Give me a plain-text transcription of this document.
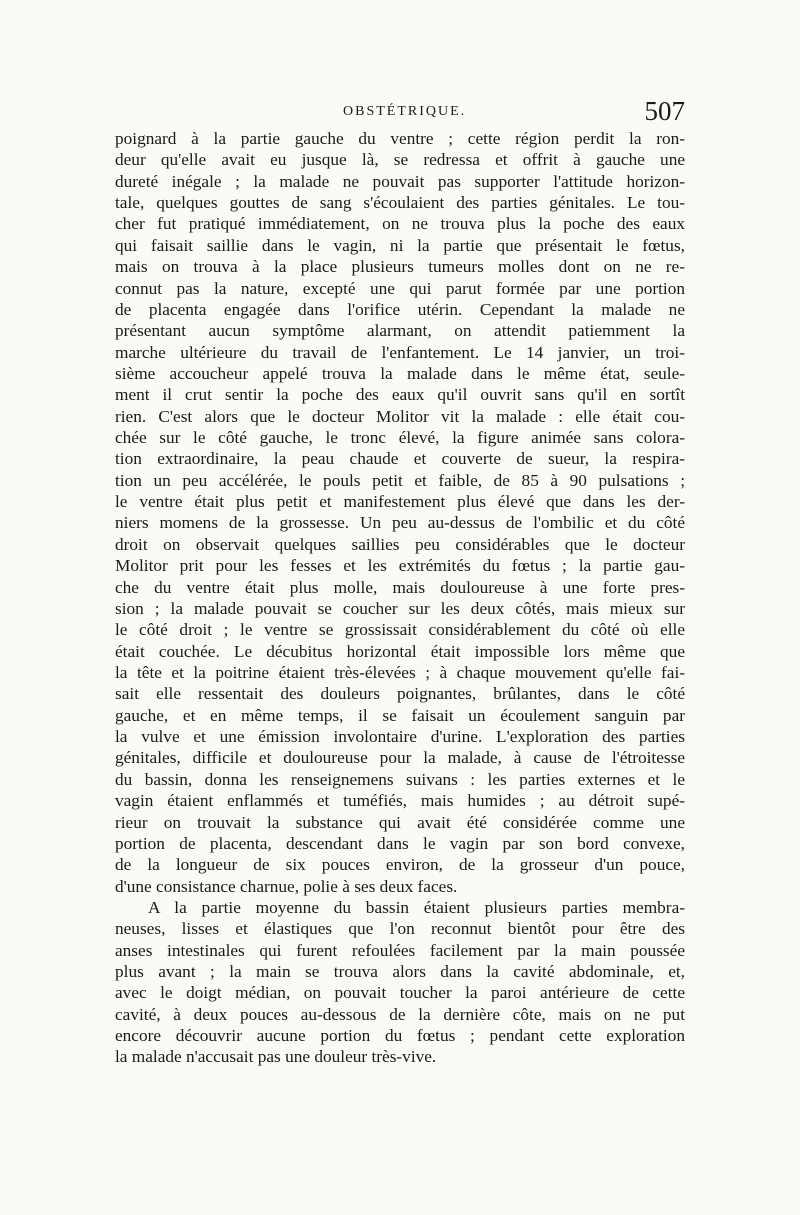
OBSTÉTRIQUE.	507
poignard à la partie gauche du ventre ; cette région perdit la ron-
deur qu'elle avait eu jusque là, se redressa et offrit à gauche une
dureté inégale ; la malade ne pouvait pas supporter l'attitude horizon-
tale, quelques gouttes de sang s'écoulaient des parties génitales. Le tou-
cher fut pratiqué immédiatement, on ne trouva plus la poche des eaux
qui faisait saillie dans le vagin, ni la partie que présentait le fœtus,
mais on trouva à la place plusieurs tumeurs molles dont on ne re-
connut pas la nature, excepté une qui parut formée par une portion
de placenta engagée dans l'orifice utérin. Cependant la malade ne
présentant aucun symptôme alarmant, on attendit patiemment la
marche ultérieure du travail de l'enfantement. Le 14 janvier, un troi-
sième accoucheur appelé trouva la malade dans le même état, seule-
ment il crut sentir la poche des eaux qu'il ouvrit sans qu'il en sortît
rien. C'est alors que le docteur Molitor vit la malade : elle était cou-
chée sur le côté gauche, le tronc élevé, la figure animée sans colora-
tion extraordinaire, la peau chaude et couverte de sueur, la respira-
tion un peu accélérée, le pouls petit et faible, de 85 à 90 pulsations ;
le ventre était plus petit et manifestement plus élevé que dans les der-
niers momens de la grossesse. Un peu au-dessus de l'ombilic et du côté
droit on observait quelques saillies peu considérables que le docteur
Molitor prit pour les fesses et les extrémités du fœtus ; la partie gau-
che du ventre était plus molle, mais douloureuse à une forte pres-
sion ; la malade pouvait se coucher sur les deux côtés, mais mieux sur
le côté droit ; le ventre se grossissait considérablement du côté où elle
était couchée. Le décubitus horizontal était impossible lors même que
la tête et la poitrine étaient très-élevées ; à chaque mouvement qu'elle fai-
sait elle ressentait des douleurs poignantes, brûlantes, dans le côté
gauche, et en même temps, il se faisait un écoulement sanguin par
la vulve et une émission involontaire d'urine. L'exploration des parties
génitales, difficile et douloureuse pour la malade, à cause de l'étroitesse
du bassin, donna les renseignemens suivans : les parties externes et le
vagin étaient enflammés et tuméfiés, mais humides ; au détroit supé-
rieur on trouvait la substance qui avait été considérée comme une
portion de placenta, descendant dans le vagin par son bord convexe,
de la longueur de six pouces environ, de la grosseur d'un pouce,
d'une consistance charnue, polie à ses deux faces.
A la partie moyenne du bassin étaient plusieurs parties membra-
neuses, lisses et élastiques que l'on reconnut bientôt pour être des
anses intestinales qui furent refoulées facilement par la main poussée
plus avant ; la main se trouva alors dans la cavité abdominale, et,
avec le doigt médian, on pouvait toucher la paroi antérieure de cette
cavité, à deux pouces au-dessous de la dernière côte, mais on ne put
encore découvrir aucune portion du fœtus ; pendant cette exploration
la malade n'accusait pas une douleur très-vive.
